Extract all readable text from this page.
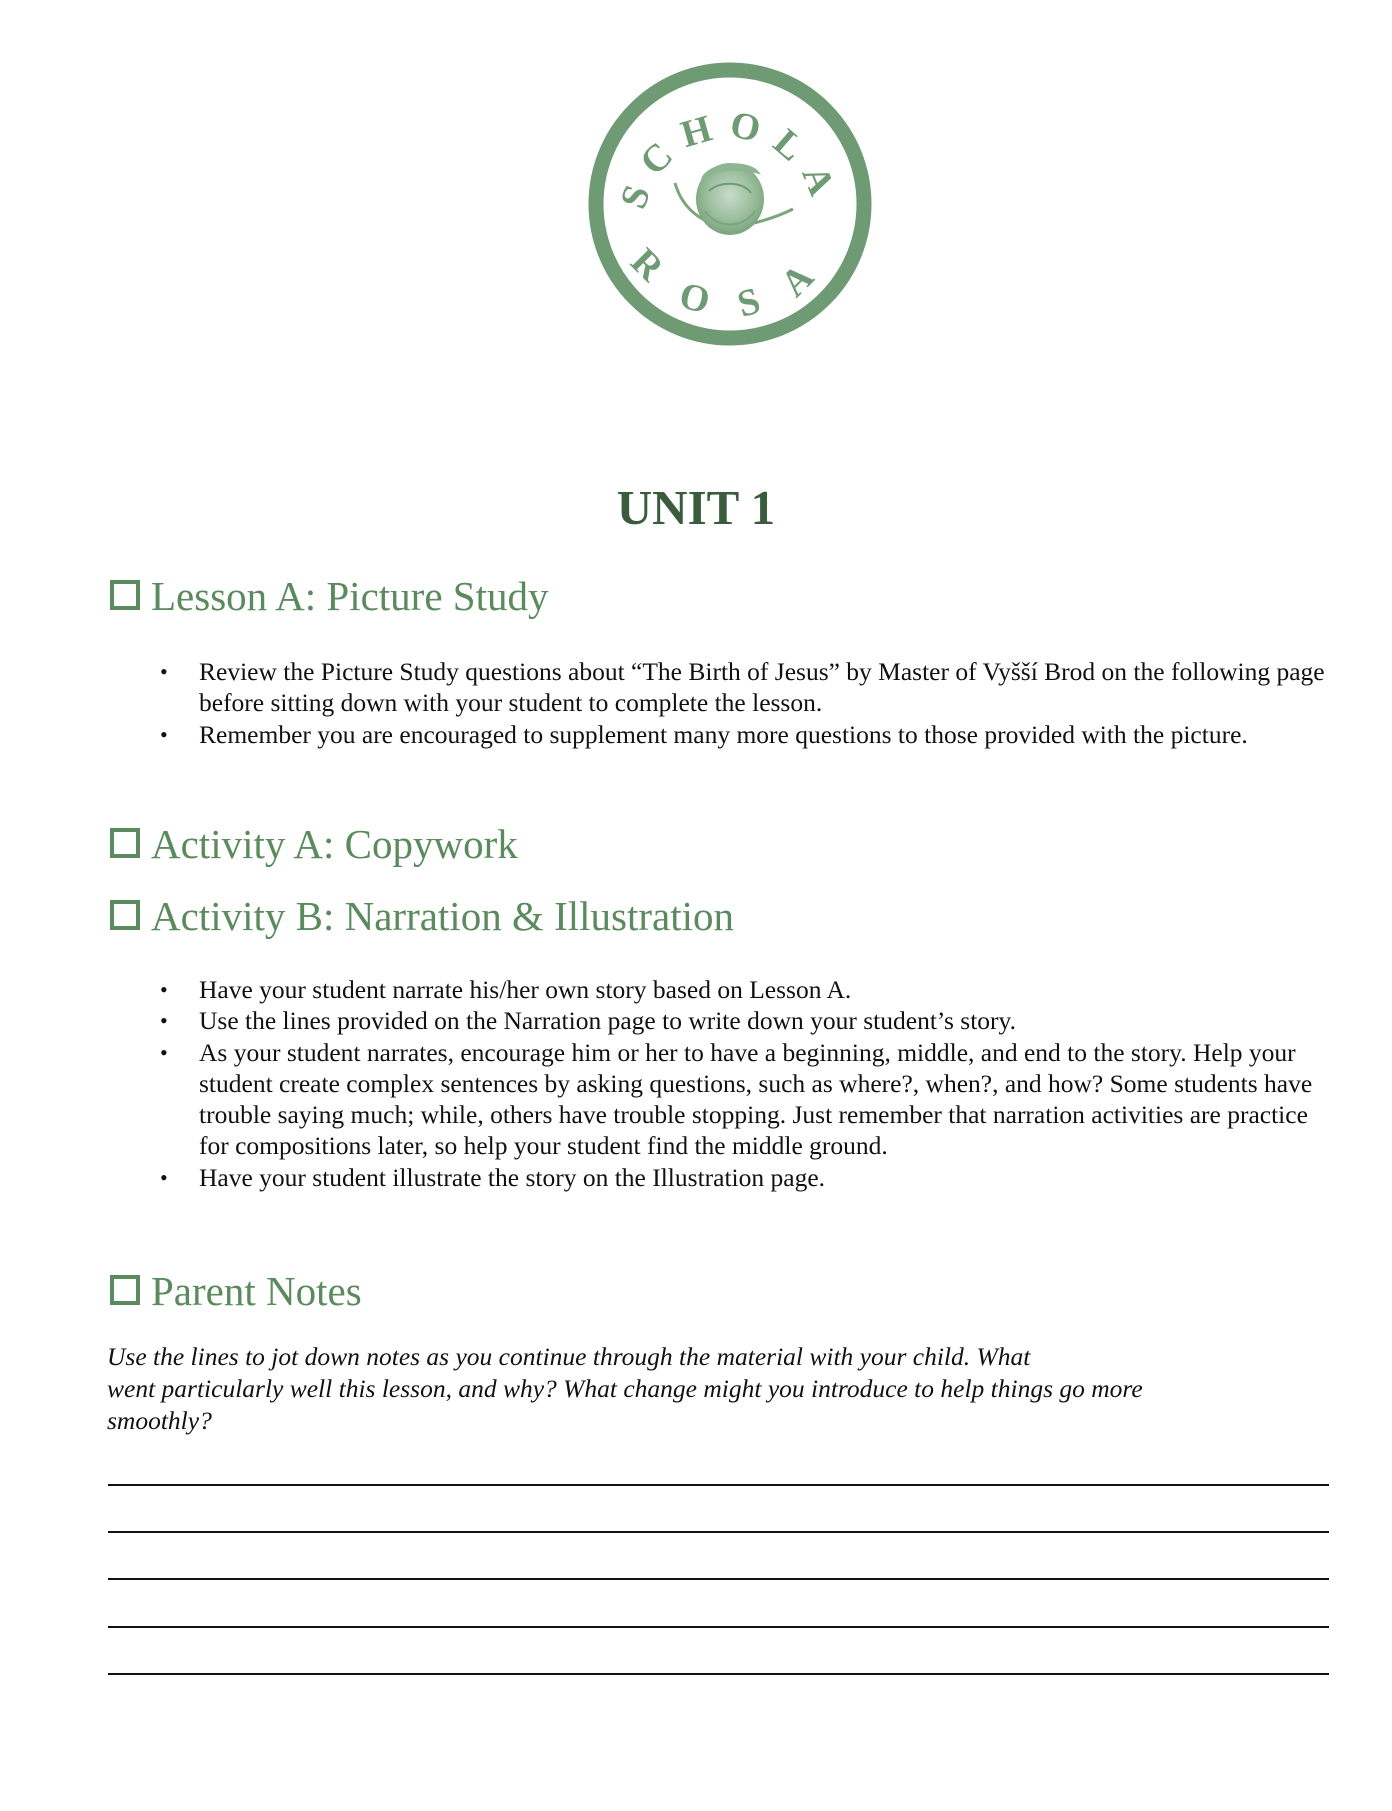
SCHOLA
ROSA
UNIT 1
Lesson A: Picture Study
• Review the Picture Study questions about “The Birth of Jesus” by Master of Vyšší Brod on the following page before sitting down with your student to complete the lesson.
• Remember you are encouraged to supplement many more questions to those provided with the picture.
Activity A: Copywork
Activity B: Narration & Illustration
• Have your student narrate his/her own story based on Lesson A.
• Use the lines provided on the Narration page to write down your student’s story.
• As your student narrates, encourage him or her to have a beginning, middle, and end to the story. Help your student create complex sentences by asking questions, such as where?, when?, and how? Some students have trouble saying much; while, others have trouble stopping. Just remember that narration activities are practice for compositions later, so help your student find the middle ground.
• Have your student illustrate the story on the Illustration page.
Parent Notes
Use the lines to jot down notes as you continue through the material with your child. What
went particularly well this lesson, and why? What change might you introduce to help things go more
smoothly?
